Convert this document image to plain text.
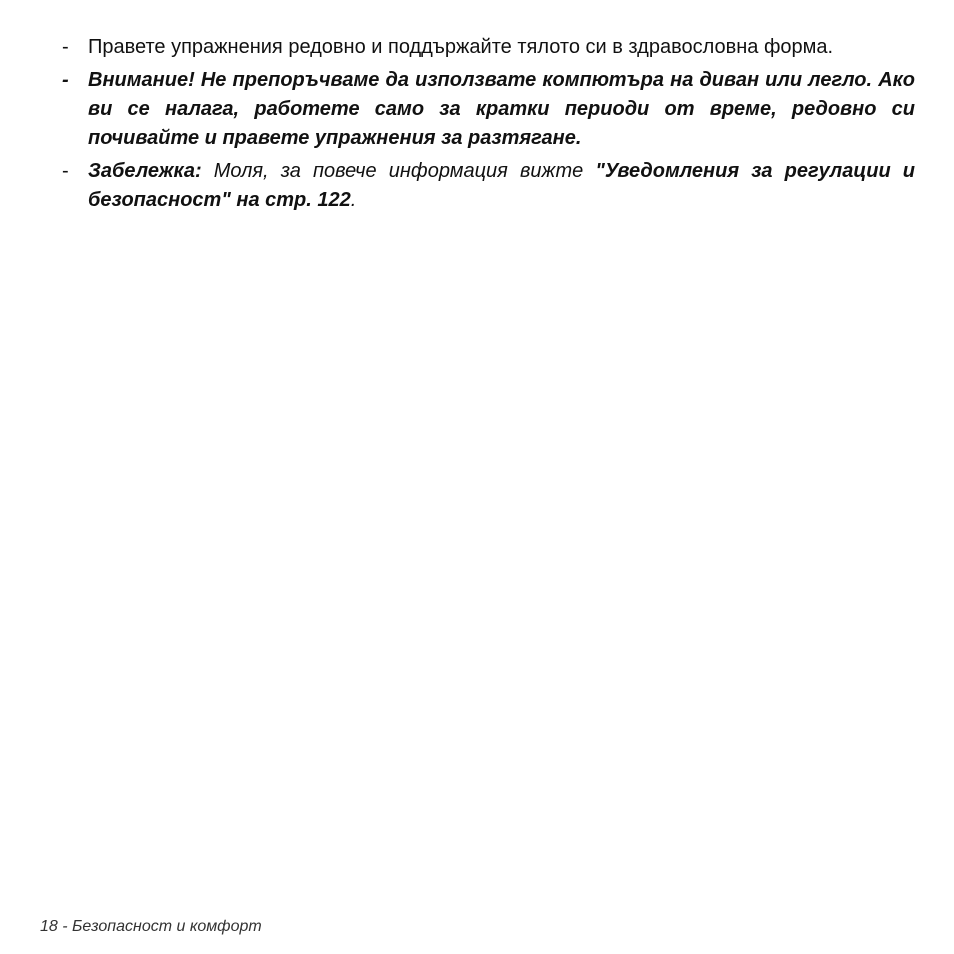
- Правете упражнения редовно и поддържайте тялото си в здравословна форма.
- Внимание! Не препоръчваме да използвате компютъра на диван или легло. Ако ви се налага, работете само за кратки периоди от време, редовно си почивайте и правете упражнения за разтягане.
- Забележка: Моля, за повече информация вижте "Уведомления за регулации и безопасност" на стр. 122.
18 - Безопасност и комфорт
